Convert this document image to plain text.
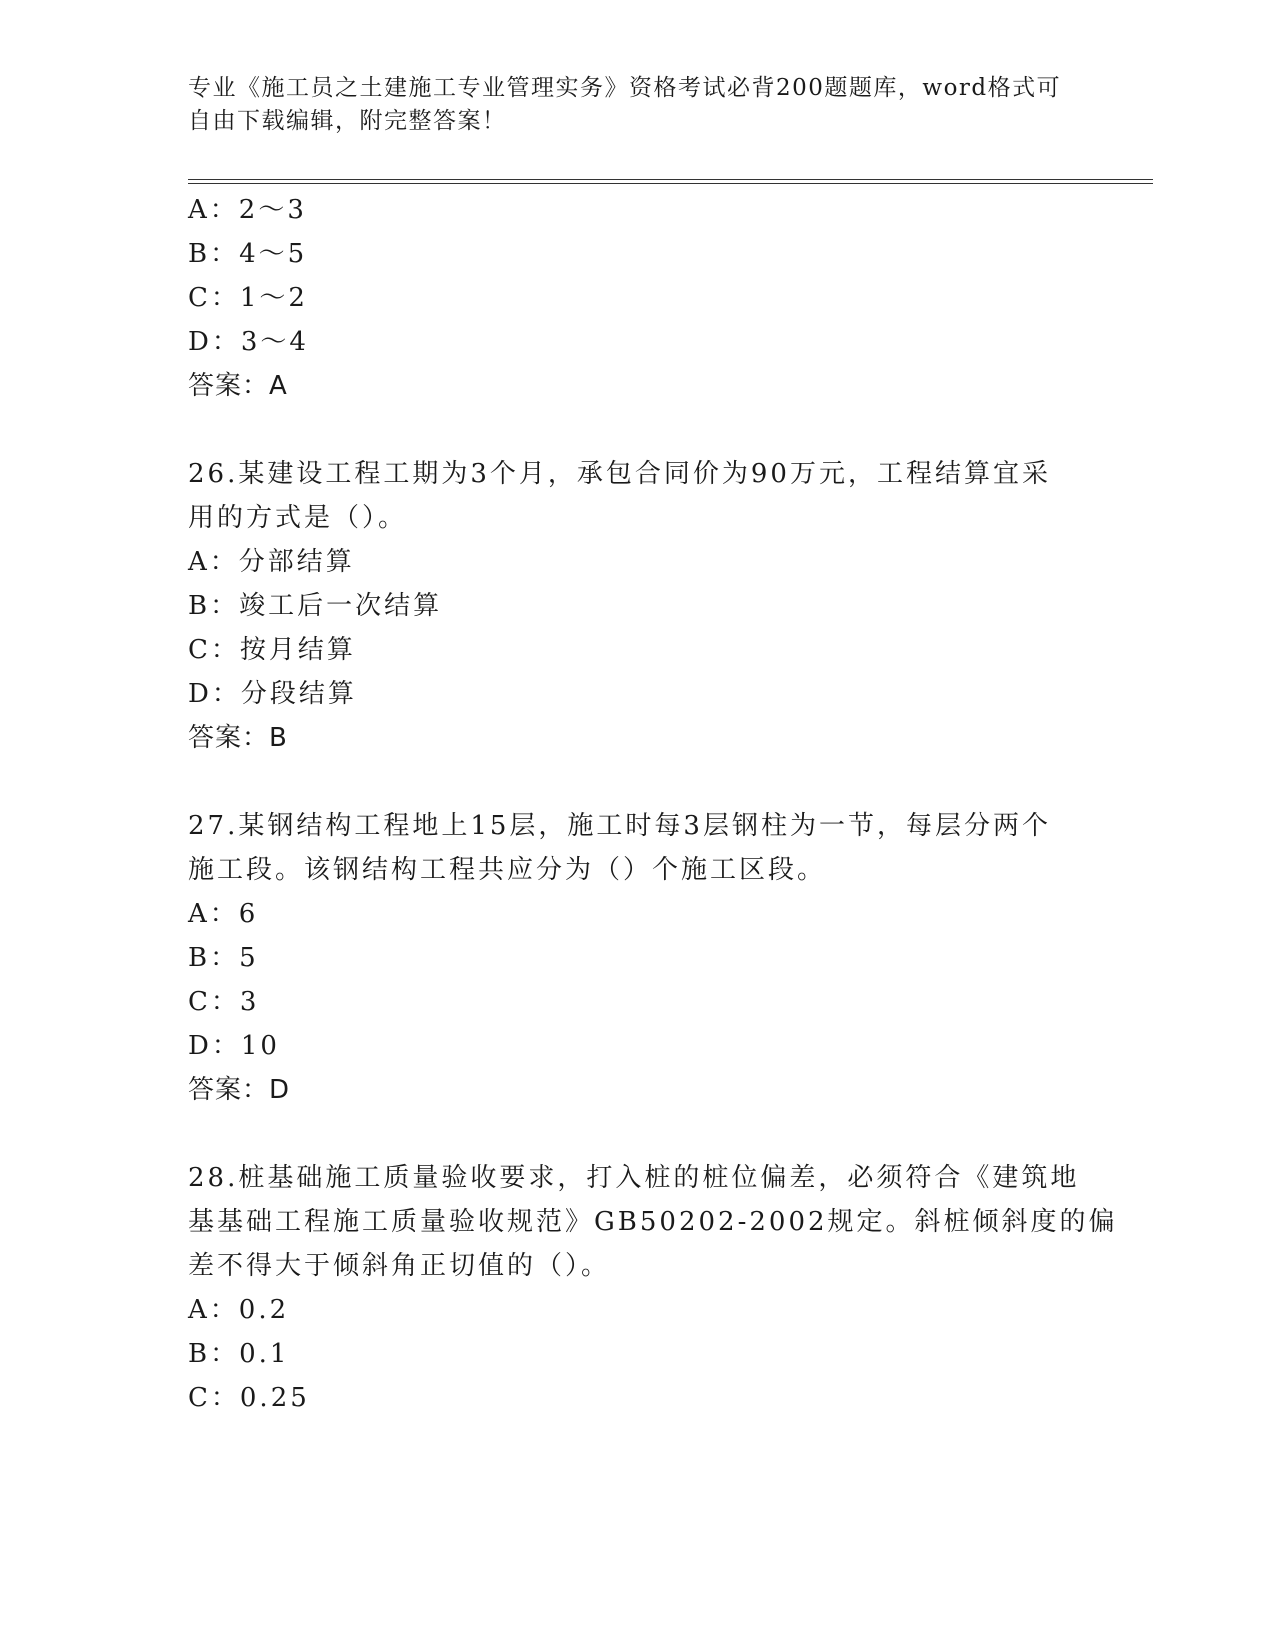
专业《施工员之土建施工专业管理实务》资格考试必背200题题库，word格式可
自由下载编辑，附完整答案！
A：2～3
B：4～5
C：1～2
D：3～4
答案：A
26.某建设工程工期为3个月，承包合同价为90万元，工程结算宜采
用的方式是（）。
A：分部结算
B：竣工后一次结算
C：按月结算
D：分段结算
答案：B
27.某钢结构工程地上15层，施工时每3层钢柱为一节，每层分两个
施工段。该钢结构工程共应分为（）个施工区段。
A：6
B：5
C：3
D：10
答案：D
28.桩基础施工质量验收要求，打入桩的桩位偏差，必须符合《建筑地
基基础工程施工质量验收规范》GB50202-2002规定。斜桩倾斜度的偏
差不得大于倾斜角正切值的（）。
A：0.2
B：0.1
C：0.25
